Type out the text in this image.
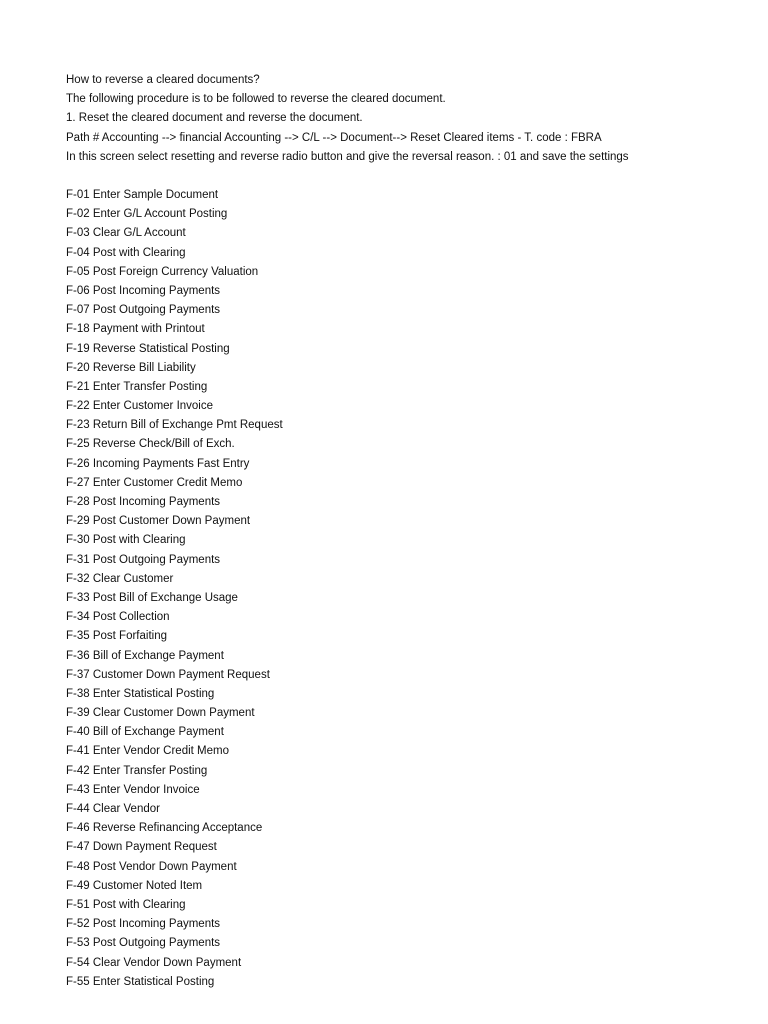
How to reverse a cleared documents?
The following procedure is to be followed to reverse the cleared document.
1. Reset the cleared document and reverse the document.
Path # Accounting --> financial Accounting --> C/L --> Document--> Reset Cleared items - T. code : FBRA
In this screen select resetting and reverse radio button and give the reversal reason. : 01 and save the settings
F-01 Enter Sample Document
F-02 Enter G/L Account Posting
F-03 Clear G/L Account
F-04 Post with Clearing
F-05 Post Foreign Currency Valuation
F-06 Post Incoming Payments
F-07 Post Outgoing Payments
F-18 Payment with Printout
F-19 Reverse Statistical Posting
F-20 Reverse Bill Liability
F-21 Enter Transfer Posting
F-22 Enter Customer Invoice
F-23 Return Bill of Exchange Pmt Request
F-25 Reverse Check/Bill of Exch.
F-26 Incoming Payments Fast Entry
F-27 Enter Customer Credit Memo
F-28 Post Incoming Payments
F-29 Post Customer Down Payment
F-30 Post with Clearing
F-31 Post Outgoing Payments
F-32 Clear Customer
F-33 Post Bill of Exchange Usage
F-34 Post Collection
F-35 Post Forfaiting
F-36 Bill of Exchange Payment
F-37 Customer Down Payment Request
F-38 Enter Statistical Posting
F-39 Clear Customer Down Payment
F-40 Bill of Exchange Payment
F-41 Enter Vendor Credit Memo
F-42 Enter Transfer Posting
F-43 Enter Vendor Invoice
F-44 Clear Vendor
F-46 Reverse Refinancing Acceptance
F-47 Down Payment Request
F-48 Post Vendor Down Payment
F-49 Customer Noted Item
F-51 Post with Clearing
F-52 Post Incoming Payments
F-53 Post Outgoing Payments
F-54 Clear Vendor Down Payment
F-55 Enter Statistical Posting
